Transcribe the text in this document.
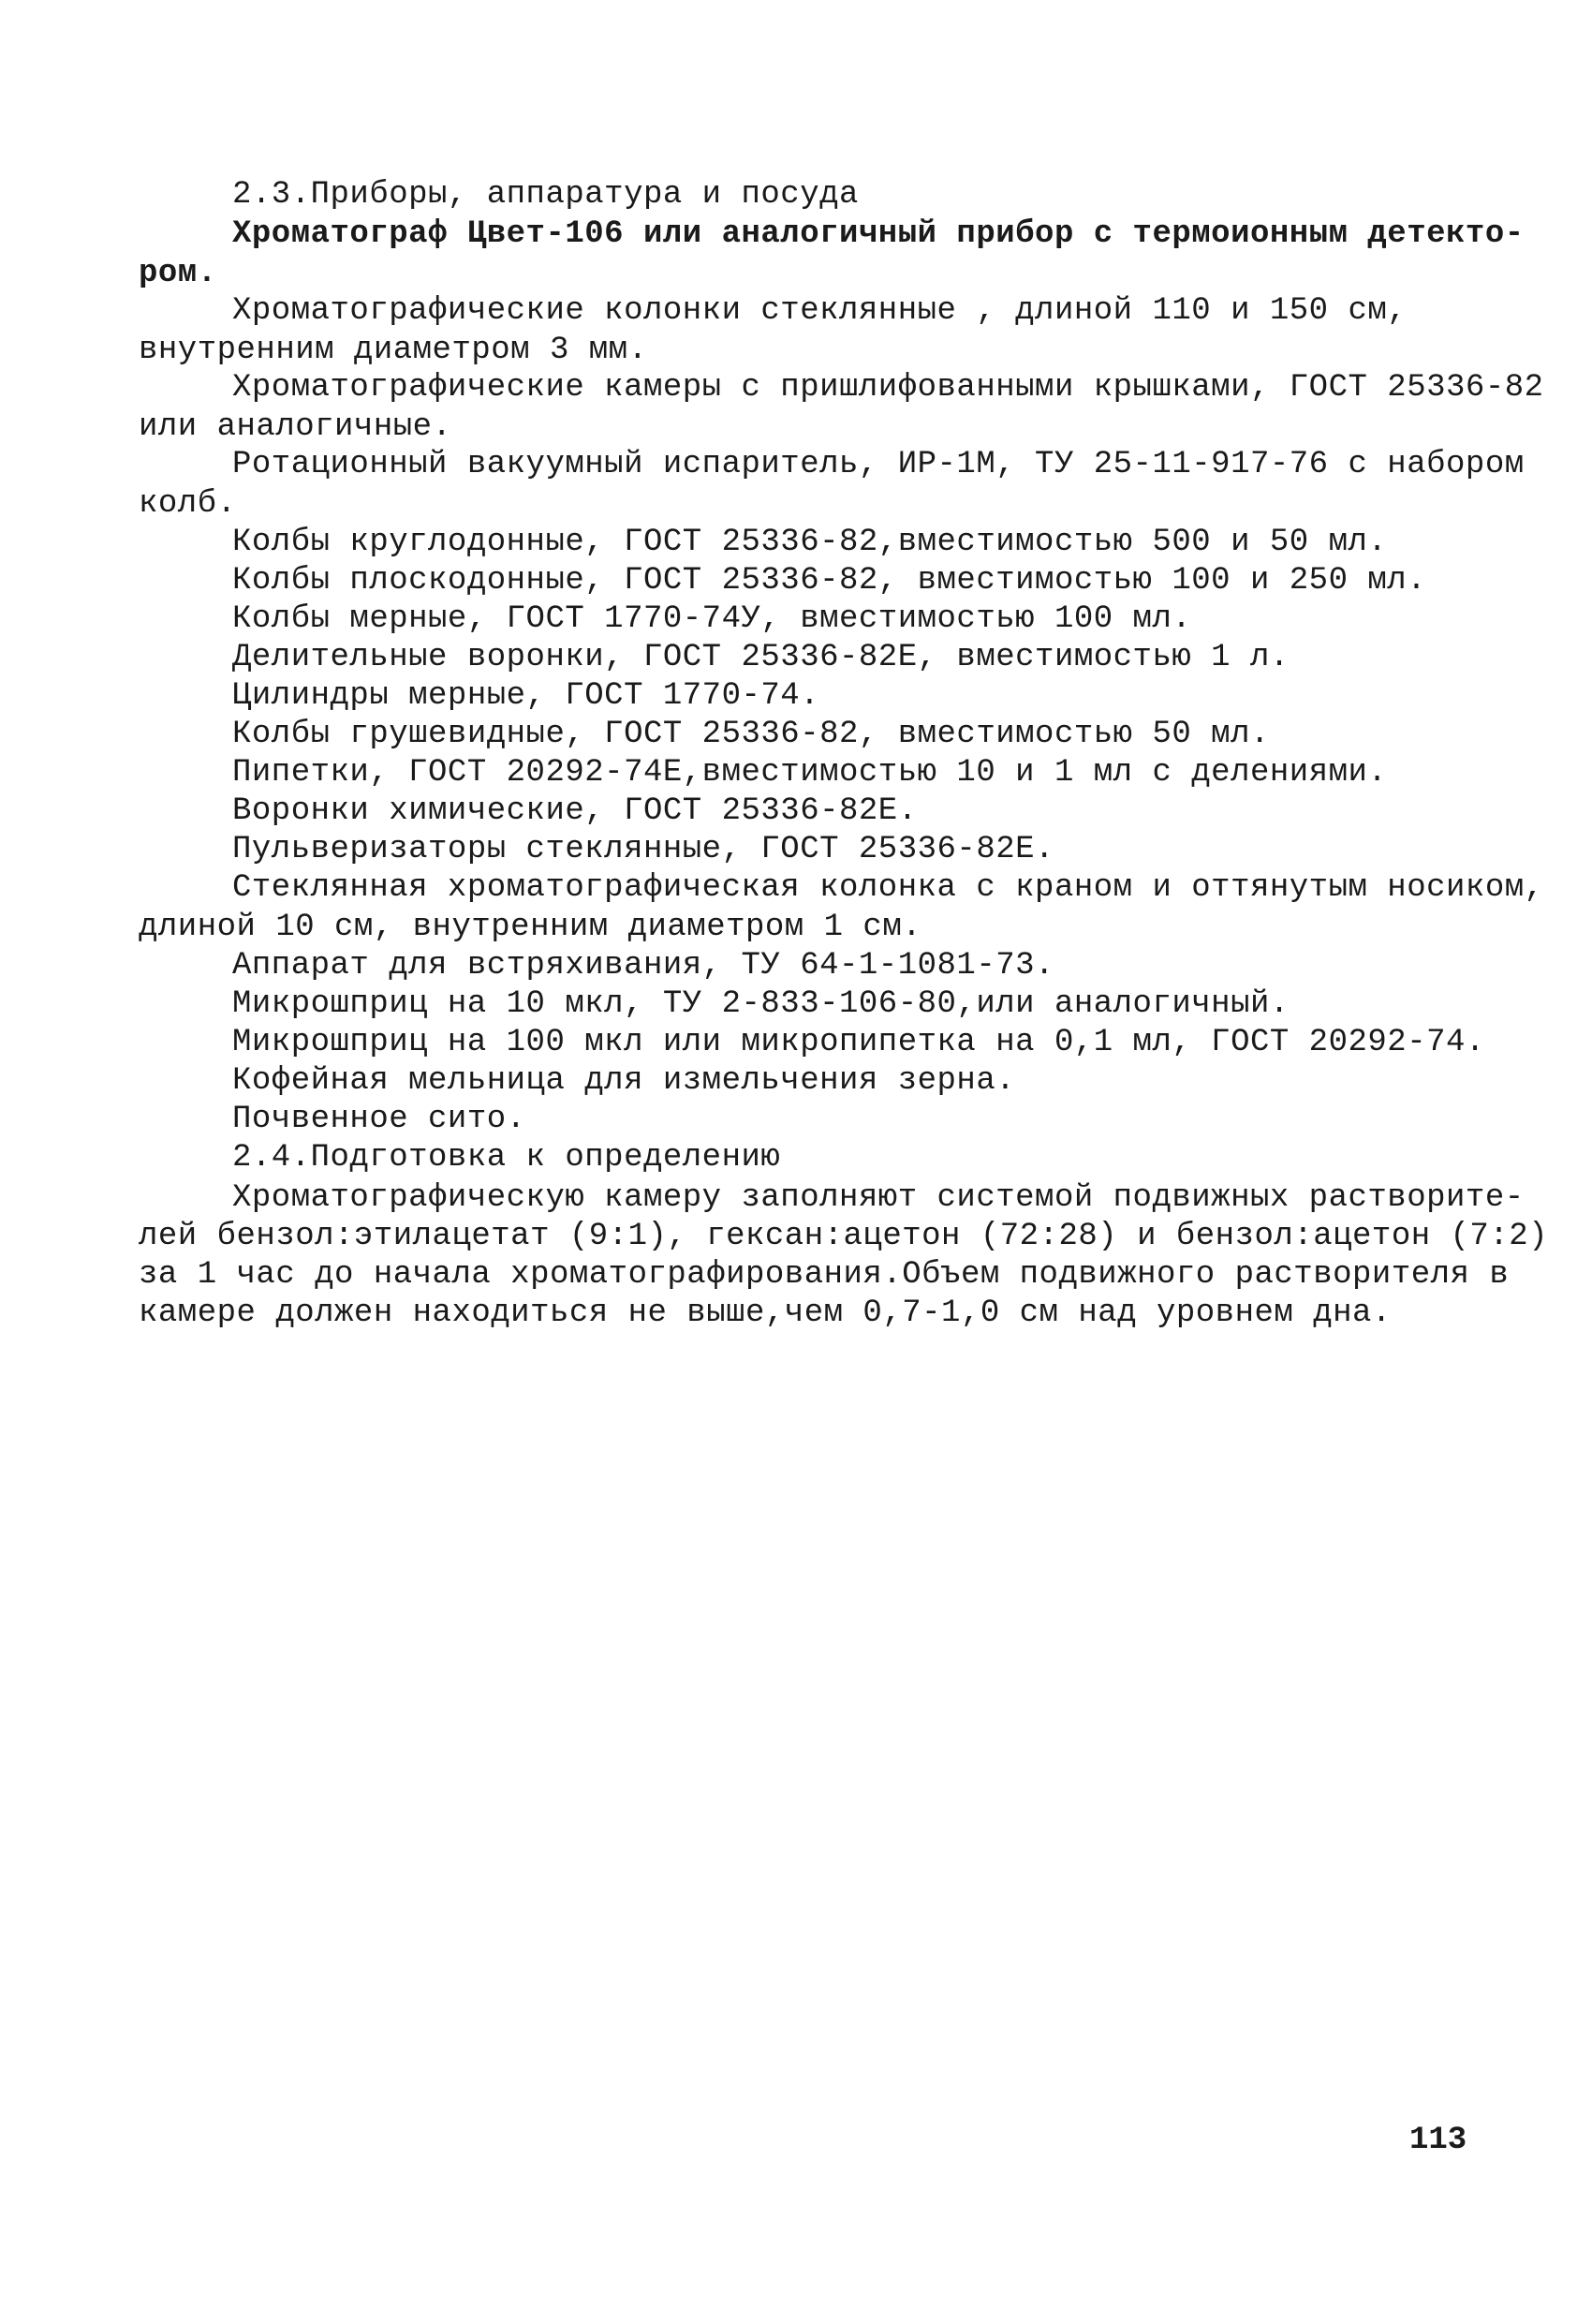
2.3.Приборы, аппаратура и посуда
Хроматограф Цвет-106 или аналогичный прибор с термоионным детекто-
ром.
Хроматографические колонки стеклянные , длиной 110 и 150 см,
внутренним диаметром 3 мм.
Хроматографические камеры с пришлифованными крышками, ГОСТ 25336-82
или аналогичные.
Ротационный вакуумный испаритель, ИР-1М, ТУ 25-11-917-76 с набором
колб.
Колбы круглодонные, ГОСТ 25336-82,вместимостью 500 и 50 мл.
Колбы плоскодонные, ГОСТ 25336-82, вместимостью 100 и 250 мл.
Колбы мерные, ГОСТ 1770-74У, вместимостью 100 мл.
Делительные воронки, ГОСТ 25336-82Е, вместимостью 1 л.
Цилиндры мерные, ГОСТ 1770-74.
Колбы грушевидные, ГОСТ 25336-82, вместимостью 50 мл.
Пипетки, ГОСТ 20292-74Е,вместимостью 10 и 1 мл с делениями.
Воронки химические, ГОСТ 25336-82Е.
Пульверизаторы стеклянные, ГОСТ 25336-82Е.
Стеклянная хроматографическая колонка с краном и оттянутым носиком,
длиной 10 см, внутренним диаметром 1 см.
Аппарат для встряхивания, ТУ 64-1-1081-73.
Микрошприц на 10 мкл, ТУ 2-833-106-80,или аналогичный.
Микрошприц на 100 мкл или микропипетка на 0,1 мл, ГОСТ 20292-74.
Кофейная мельница для измельчения зерна.
Почвенное сито.
2.4.Подготовка к определению
Хроматографическую камеру заполняют системой подвижных растворите-
лей бензол:этилацетат (9:1), гексан:ацетон (72:28) и бензол:ацетон (7:2)
за 1 час до начала хроматографирования.Объем подвижного растворителя в
камере должен находиться не выше,чем 0,7-1,0 см над уровнем дна.
113
